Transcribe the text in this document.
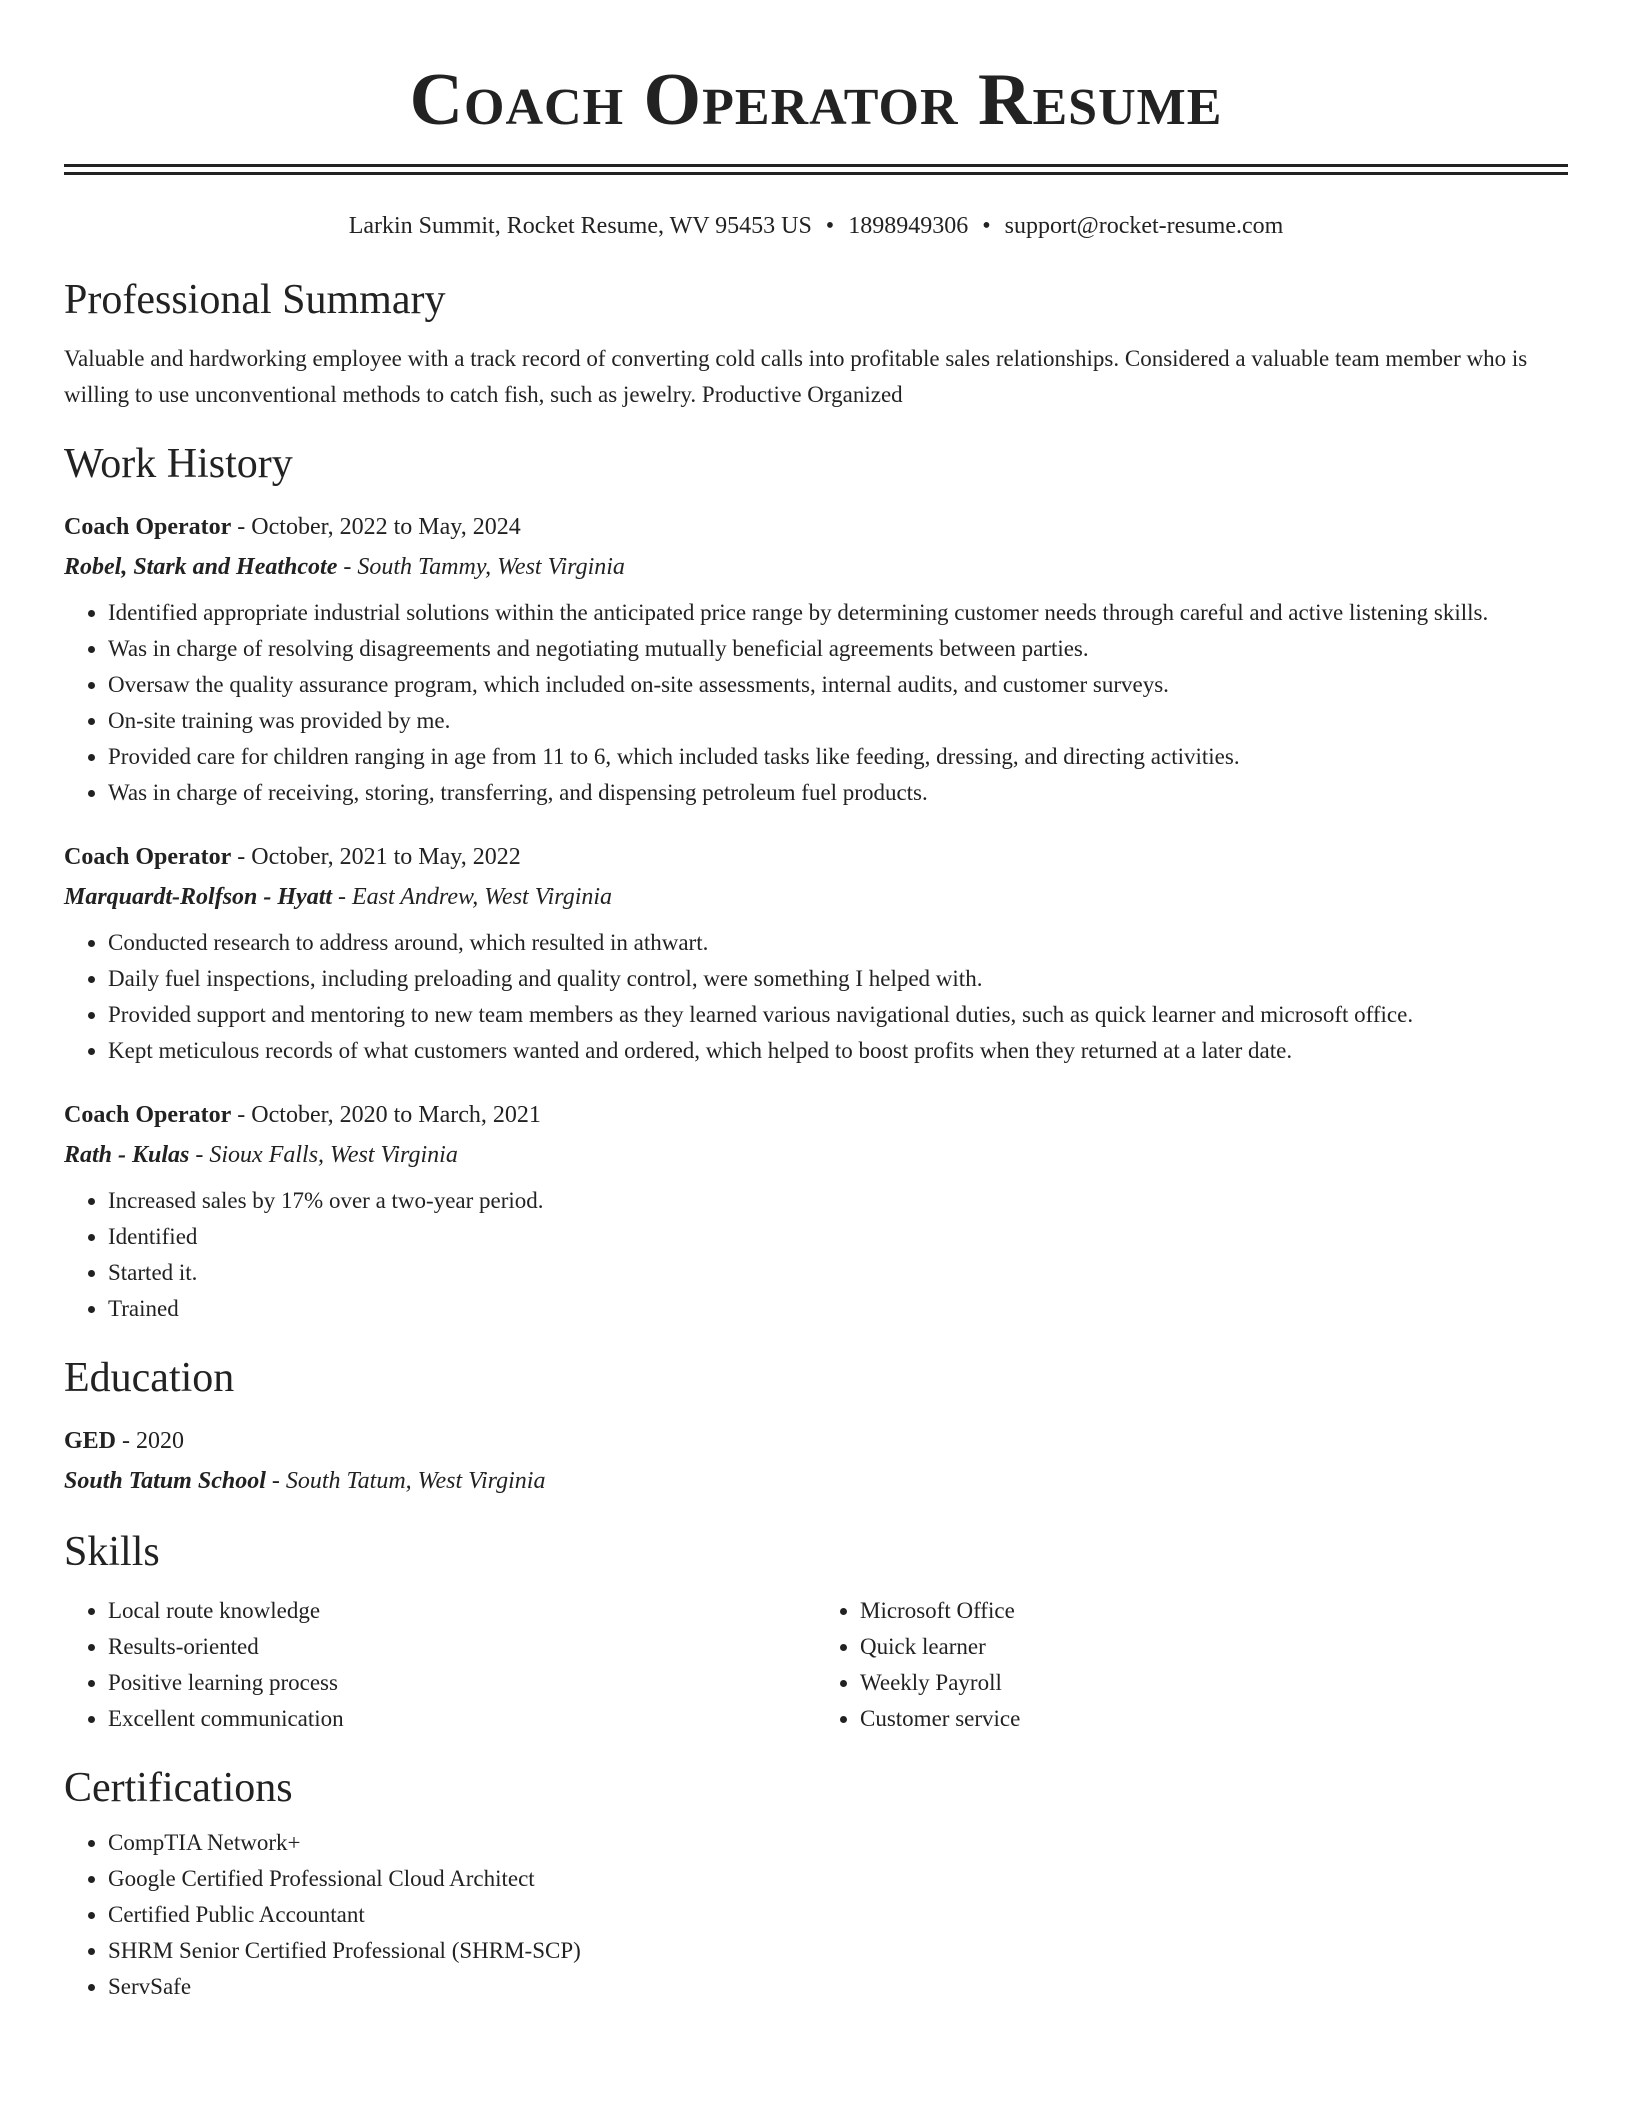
Coach Operator Resume
Larkin Summit, Rocket Resume, WV 95453 US • 1898949306 • support@rocket-resume.com
Professional Summary
Valuable and hardworking employee with a track record of converting cold calls into profitable sales relationships. Considered a valuable team member who is willing to use unconventional methods to catch fish, such as jewelry. Productive Organized
Work History
Coach Operator - October, 2022 to May, 2024
Robel, Stark and Heathcote - South Tammy, West Virginia
• Identified appropriate industrial solutions within the anticipated price range by determining customer needs through careful and active listening skills.
• Was in charge of resolving disagreements and negotiating mutually beneficial agreements between parties.
• Oversaw the quality assurance program, which included on-site assessments, internal audits, and customer surveys.
• On-site training was provided by me.
• Provided care for children ranging in age from 11 to 6, which included tasks like feeding, dressing, and directing activities.
• Was in charge of receiving, storing, transferring, and dispensing petroleum fuel products.
Coach Operator - October, 2021 to May, 2022
Marquardt-Rolfson - Hyatt - East Andrew, West Virginia
• Conducted research to address around, which resulted in athwart.
• Daily fuel inspections, including preloading and quality control, were something I helped with.
• Provided support and mentoring to new team members as they learned various navigational duties, such as quick learner and microsoft office.
• Kept meticulous records of what customers wanted and ordered, which helped to boost profits when they returned at a later date.
Coach Operator - October, 2020 to March, 2021
Rath - Kulas - Sioux Falls, West Virginia
• Increased sales by 17% over a two-year period.
• Identified
• Started it.
• Trained
Education
GED - 2020
South Tatum School - South Tatum, West Virginia
Skills
• Local route knowledge
• Results-oriented
• Positive learning process
• Excellent communication
• Microsoft Office
• Quick learner
• Weekly Payroll
• Customer service
Certifications
• CompTIA Network+
• Google Certified Professional Cloud Architect
• Certified Public Accountant
• SHRM Senior Certified Professional (SHRM-SCP)
• ServSafe
